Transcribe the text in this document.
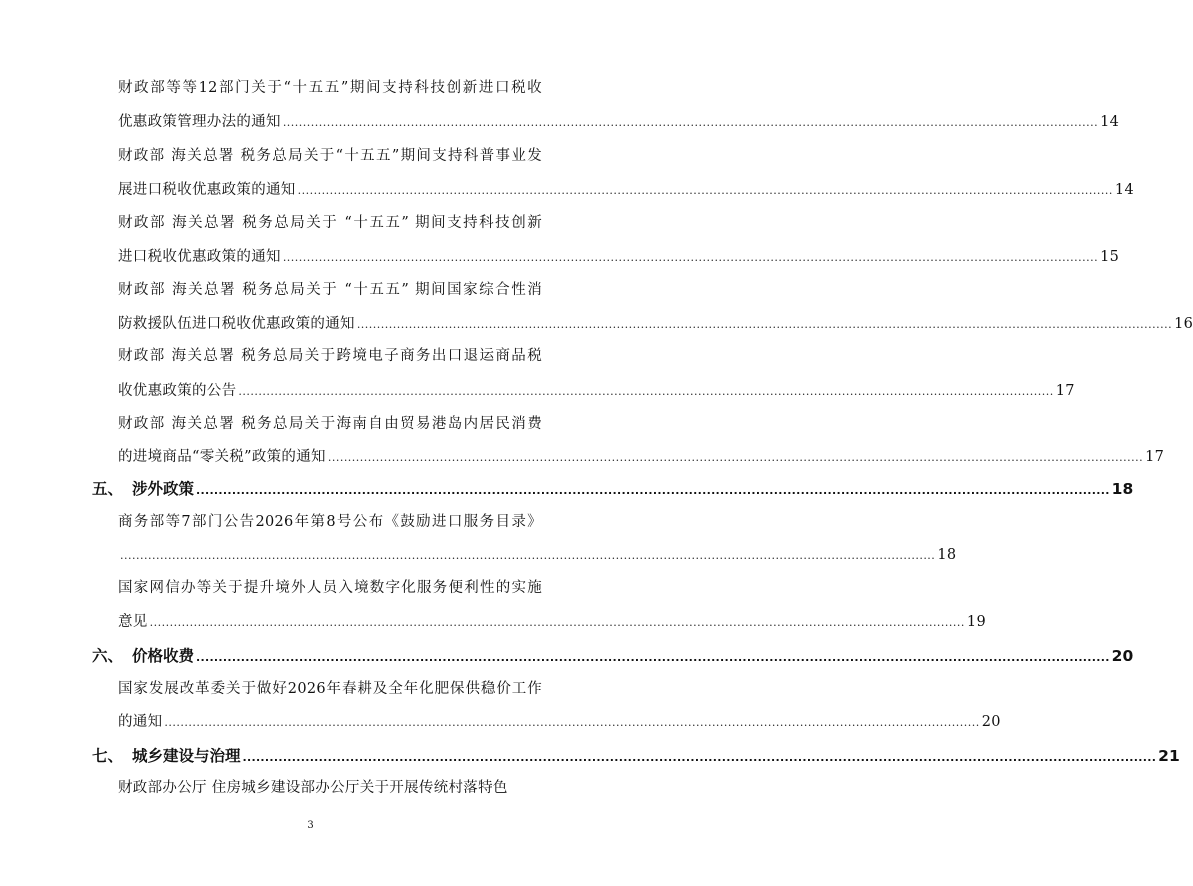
财政部等等12部门关于“十五五”期间支持科技创新进口税收
优惠政策管理办法的通知 ............................................................................................................................................................................................................ 14
财政部 海关总署 税务总局关于“十五五”期间支持科普事业发
展进口税收优惠政策的通知 ............................................................................................................................................................................................................ 14
财政部 海关总署 税务总局关于 “十五五” 期间支持科技创新
进口税收优惠政策的通知 ............................................................................................................................................................................................................ 15
财政部 海关总署 税务总局关于 “十五五” 期间国家综合性消
防救援队伍进口税收优惠政策的通知 ............................................................................................................................................................................................................ 16
财政部 海关总署 税务总局关于跨境电子商务出口退运商品税
收优惠政策的公告 ............................................................................................................................................................................................................ 17
财政部 海关总署 税务总局关于海南自由贸易港岛内居民消费
的进境商品“零关税”政策的通知 ............................................................................................................................................................................................................ 17
五、 涉外政策 ............................................................................................................................................................................................................ 18
商务部等7部门公告2026年第8号公布《鼓励进口服务目录》
............................................................................................................................................................................................................ 18
国家网信办等关于提升境外人员入境数字化服务便利性的实施
意见 ............................................................................................................................................................................................................ 19
六、 价格收费 ............................................................................................................................................................................................................ 20
国家发展改革委关于做好2026年春耕及全年化肥保供稳价工作
的通知 ............................................................................................................................................................................................................ 20
七、 城乡建设与治理 ............................................................................................................................................................................................................ 21
财政部办公厅 住房城乡建设部办公厅关于开展传统村落特色
3
